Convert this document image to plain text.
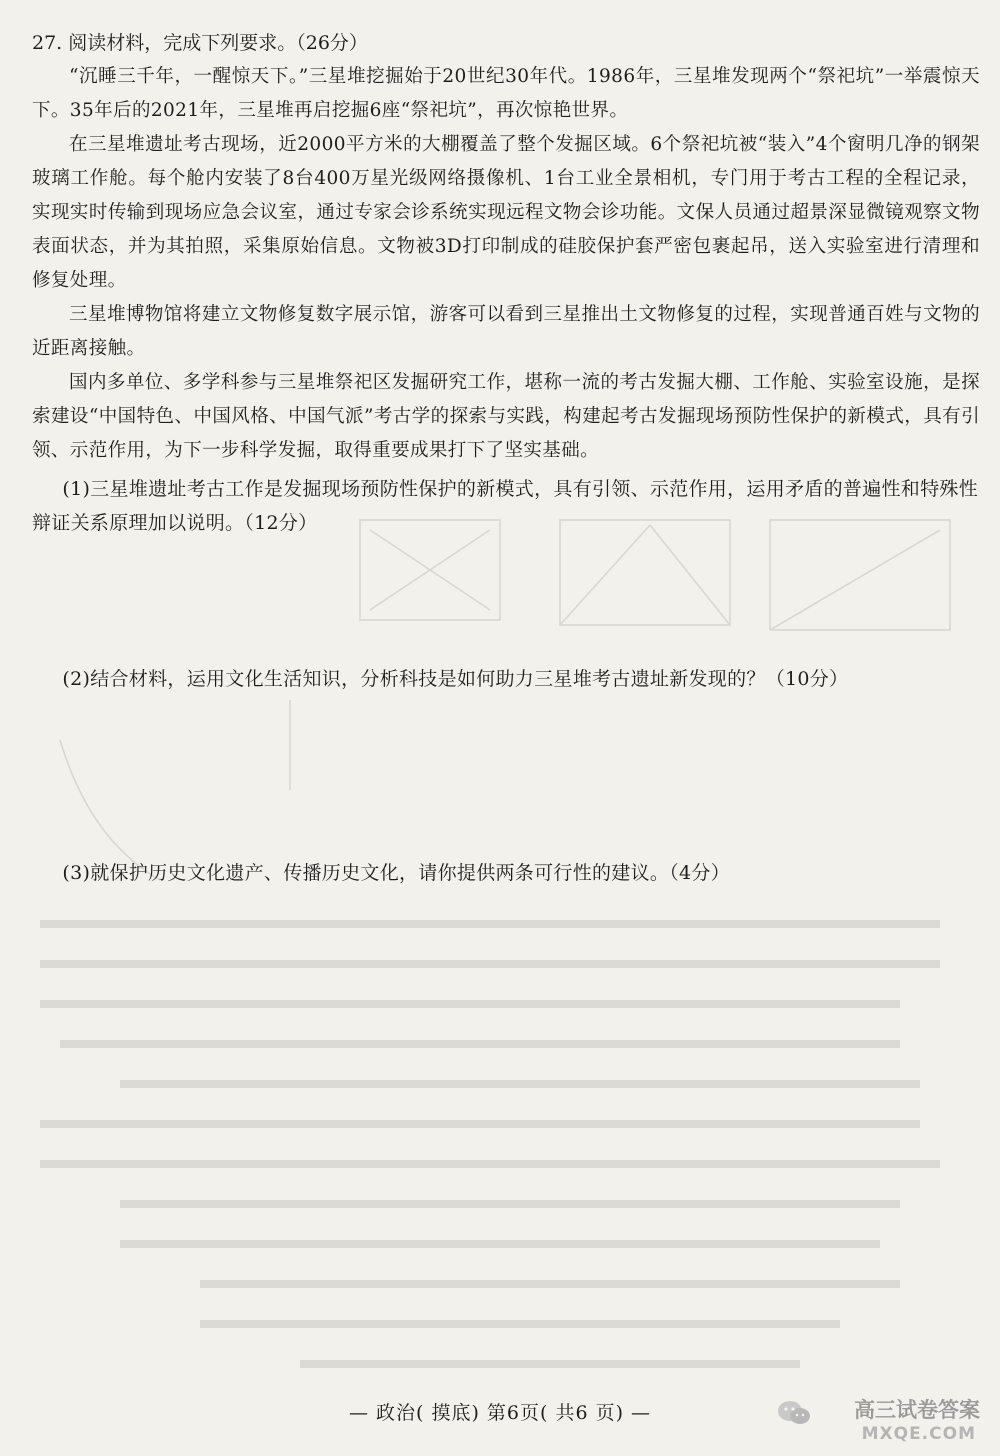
27. 阅读材料，完成下列要求。（26分）

“沉睡三千年，一醒惊天下。”三星堆挖掘始于20世纪30年代。1986年，三星堆发现两个“祭祀坑”一举震惊天下。35年后的2021年，三星堆再启挖掘6座“祭祀坑”，再次惊艳世界。

在三星堆遗址考古现场，近2000平方米的大棚覆盖了整个发掘区域。6个祭祀坑被“装入”4个窗明几净的钢架玻璃工作舱。每个舱内安装了8台400万星光级网络摄像机、1台工业全景相机，专门用于考古工程的全程记录，实现实时传输到现场应急会议室，通过专家会诊系统实现远程文物会诊功能。文保人员通过超景深显微镜观察文物表面状态，并为其拍照，采集原始信息。文物被3D打印制成的硅胶保护套严密包裹起吊，送入实验室进行清理和修复处理。

三星堆博物馆将建立文物修复数字展示馆，游客可以看到三星推出土文物修复的过程，实现普通百姓与文物的近距离接触。

国内多单位、多学科参与三星堆祭祀区发掘研究工作，堪称一流的考古发掘大棚、工作舱、实验室设施，是探索建设“中国特色、中国风格、中国气派”考古学的探索与实践，构建起考古发掘现场预防性保护的新模式，具有引领、示范作用，为下一步科学发掘，取得重要成果打下了坚实基础。

(1)三星堆遗址考古工作是发掘现场预防性保护的新模式，具有引领、示范作用，运用矛盾的普遍性和特殊性辩证关系原理加以说明。（12分）

(2)结合材料，运用文化生活知识，分析科技是如何助力三星堆考古遗址新发现的？（10分）

(3)就保护历史文化遗产、传播历史文化，请你提供两条可行性的建议。（4分）

— 政治( 摸底) 第6页( 共6 页) —	高三试卷答案
MXQE.COM
